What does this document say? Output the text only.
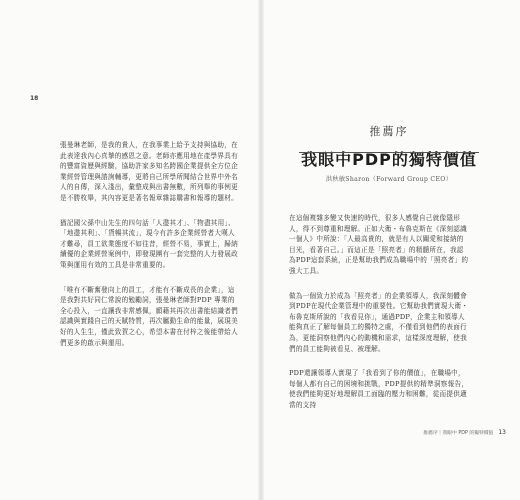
18

張曼琳老師，是我的貴人，在我事業上給予支持與協助，在此表達我內心真摯的感恩之意。老師亦應用地在產學界具有的豐富資歷與經驗，協助許家多知名跨國企業提供全方位企業經營管理與諮詢輔導，更將自己所學所聞結合世界中外名人的自傳，深入淺出，彙整成與出書無數，所列舉的事例更是不勝枚舉，其內容更是著名報章雜誌購書和報導的題材。

猶記國父孫中山先生的四句話「人盡其才」、「物盡其用」、「地盡其利」、「貨暢其流」，現今有許多企業經營者大嘆人才難尋，員工欲業態度不如往昔，經營不易，事實上，歸納續優的企業經營案例中，即發現團有一套完整的人力發展政策與運用有效的工具是非常重要的。

「唯有不斷奮發向上的員工，才能有不斷成長的企業」，這是我對共好同仁常說的勉勵詞，張曼琳老師對PDP 專業的全心投入，一直讓我非常感佩，願藉其再次出書能結識者們認識與實踐自己的天賦特質，再次屬動生命的能量，展現美好的人生生，僅此致賀之心，希望本書在付梓之後能帶給人們更多的啟示與運用。

推薦序
我眼中PDP的獨特價值
洪秋敏Sharon（Forward Group CEO）

在這個複雜多變又快速的時代，很多人感覺自己就像隱形人，得不到尊重和理解。正如大衛・布魯克斯在《深刻認識一個人》中所說：「人最高貴的，就是有人以關愛和接納的目光，看著自己。」而這正是「照亮者」的精髓所在，我認為PDP這套系統，正是幫助我們成為職場中的「照亮者」的強大工具。

做為一個致力於成為「照亮者」的企業領導人，我深刻體會到PDP在現代企業管理中的重要性。它幫助我們實現大衛・布魯克斯所說的「我看見你」，通過PDP，企業主和領導人能夠真正了解每個員工的獨特之處，不僅看到他們的表面行為，更能洞察他們內心的動機和需求，這樣深度理解，使我們的員工能夠被看見、被理解。

PDP還讓領導人實現了「我看到了你的價值」，在職場中，每個人都有自己的困境和挑戰，PDP提供的精準洞察報告，使我們能夠更好地理解員工面臨的壓力和困難，從而提供適當的支持

推薦序｜我眼中 PDP 的獨特價值 13
